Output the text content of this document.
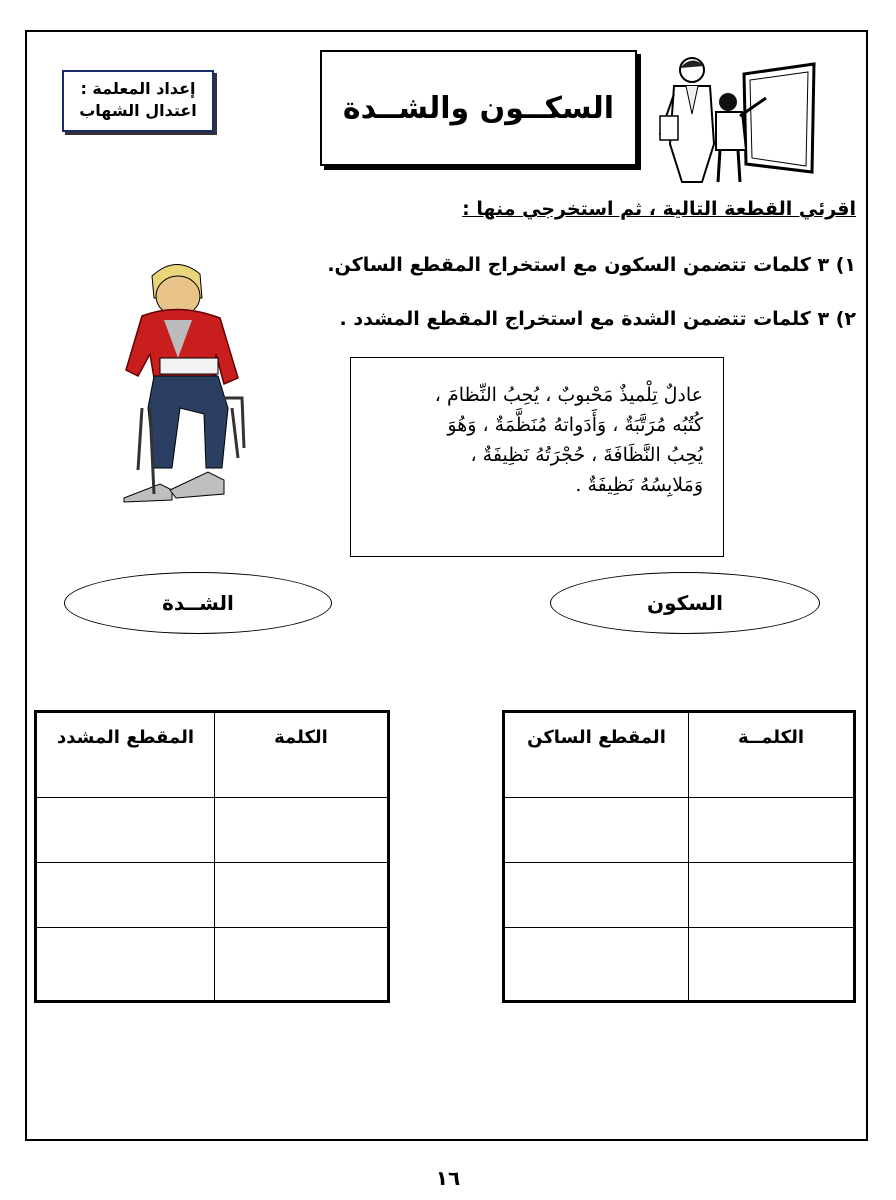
إعداد المعلمة :
اعتدال الشهاب	السكــون والشــدة
اقرئي القطعة التالية ، ثم استخرجي منها :
١) ٣ كلمات تتضمن السكون مع استخراج المقطع الساكن.
٢) ٣ كلمات تتضمن الشدة مع استخراج المقطع المشدد .

عادلٌ تِلْميذٌ مَحْبوبٌ ، يُحِبُ النِّظامَ ،

كُتُبُه مُرَتَّبَةٌ ، وَأَدَواتهُ مُنَظَّمَةٌ ، وَهُوَ

يُحِبُ النَّظَافَةَ ، حُجْرَتُهُ نَظِيفَةٌ ،

وَمَلابِسُهُ نَظِيفَةٌ .

الشــدة	السكون
الكلمــة	المقطع الساكن

الكلمة	المقطع المشدد

١٦
